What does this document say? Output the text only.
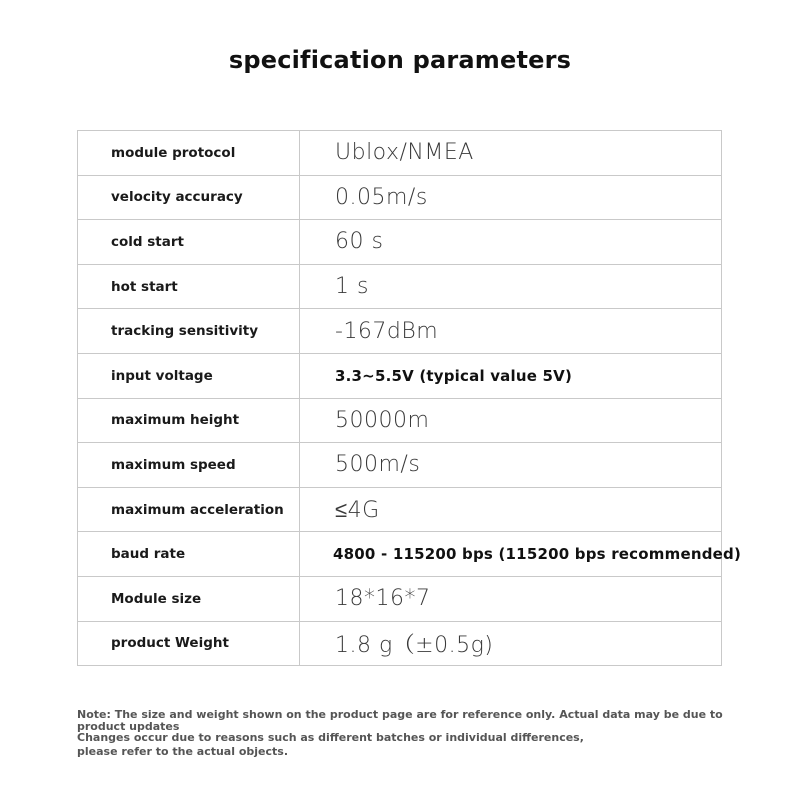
specification parameters
module protocol	Ublox/NMEA
velocity accuracy	0.05m/s
cold start	60 s
hot start	1 s
tracking sensitivity	-167dBm
input voltage	3.3~5.5V (typical value 5V)
maximum height	50000m
maximum speed	500m/s
maximum acceleration	≤4G
baud rate	4800 - 115200 bps (115200 bps recommended)
Module size	18*16*7
product Weight	1.8 g（±0.5g)
Note: The size and weight shown on the product page are for reference only. Actual data may be due to
product updates
Changes occur due to reasons such as different batches or individual differences,
please refer to the actual objects.
